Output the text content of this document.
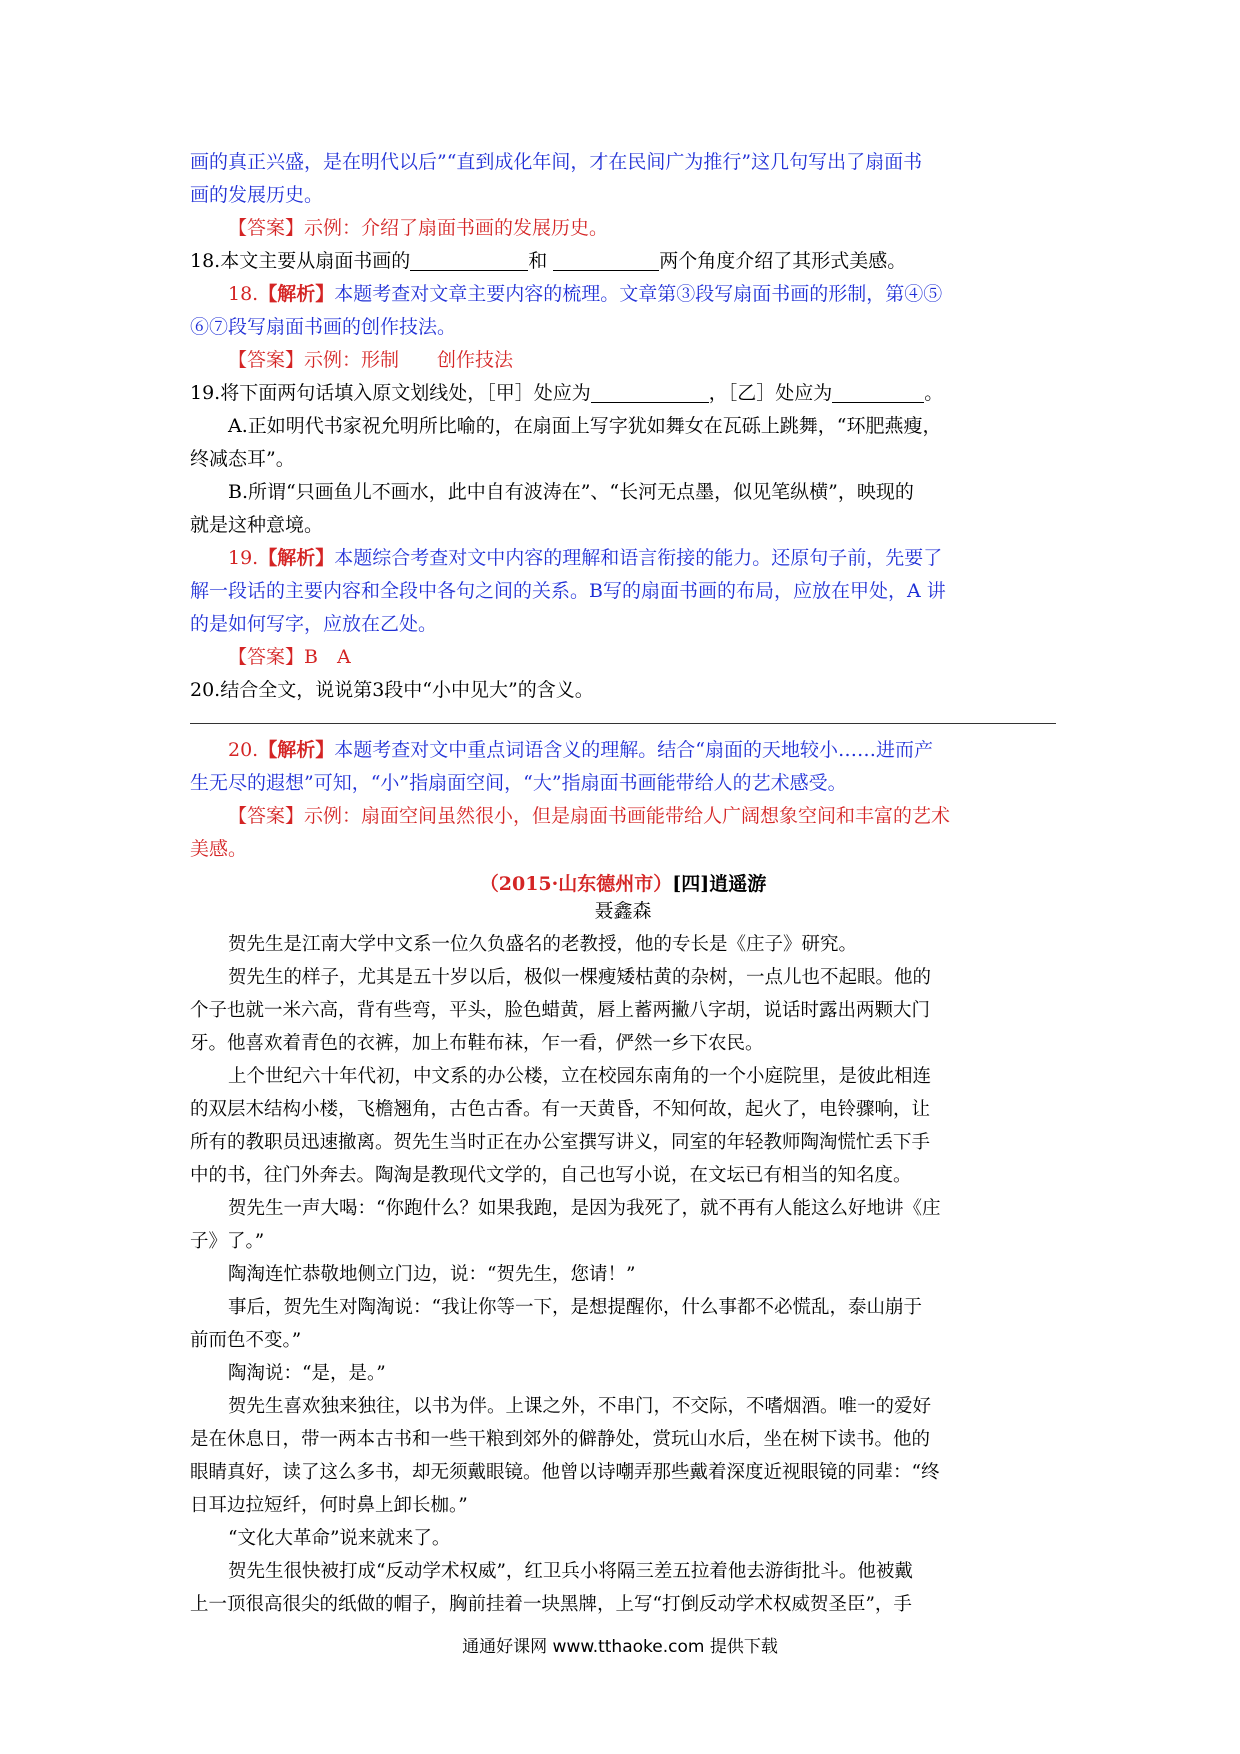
画的真正兴盛，是在明代以后”“直到成化年间，才在民间广为推行”这几句写出了扇面书

画的发展历史。

【答案】示例：介绍了扇面书画的发展历史。

18.本文主要从扇面书画的	和	两个角度介绍了其形式美感。

18.【解析】本题考查对文章主要内容的梳理。文章第③段写扇面书画的形制，第④⑤

⑥⑦段写扇面书画的创作技法。

【答案】示例：形制　　创作技法

19.将下面两句话填入原文划线处，［甲］处应为	，［乙］处应为	。

A.正如明代书家祝允明所比喻的，在扇面上写字犹如舞女在瓦砾上跳舞，“环肥燕瘦，

终减态耳”。

B.所谓“只画鱼儿不画水，此中自有波涛在”、“长河无点墨，似见笔纵横”，映现的

就是这种意境。

19.【解析】本题综合考查对文中内容的理解和语言衔接的能力。还原句子前，先要了

解一段话的主要内容和全段中各句之间的关系。B写的扇面书画的布局，应放在甲处，A 讲

的是如何写字，应放在乙处。

【答案】B　A

20.结合全文，说说第3段中“小中见大”的含义。

20.【解析】本题考查对文中重点词语含义的理解。结合“扇面的天地较小……进而产

生无尽的遐想”可知，“小”指扇面空间，“大”指扇面书画能带给人的艺术感受。

【答案】示例：扇面空间虽然很小，但是扇面书画能带给人广阔想象空间和丰富的艺术

美感。

（2015·山东德州市）[四]逍遥游
聂鑫森

贺先生是江南大学中文系一位久负盛名的老教授，他的专长是《庄子》研究。

贺先生的样子，尤其是五十岁以后，极似一棵瘦矮枯黄的杂树，一点儿也不起眼。他的

个子也就一米六高，背有些弯，平头，脸色蜡黄，唇上蓄两撇八字胡，说话时露出两颗大门

牙。他喜欢着青色的衣裤，加上布鞋布袜，乍一看，俨然一乡下农民。

上个世纪六十年代初，中文系的办公楼，立在校园东南角的一个小庭院里，是彼此相连

的双层木结构小楼，飞檐翘角，古色古香。有一天黄昏，不知何故，起火了，电铃骤响，让

所有的教职员迅速撤离。贺先生当时正在办公室撰写讲义，同室的年轻教师陶淘慌忙丢下手

中的书，往门外奔去。陶淘是教现代文学的，自己也写小说，在文坛已有相当的知名度。

贺先生一声大喝：“你跑什么？如果我跑，是因为我死了，就不再有人能这么好地讲《庄

子》了。”

陶淘连忙恭敬地侧立门边，说：“贺先生，您请！”

事后，贺先生对陶淘说：“我让你等一下，是想提醒你，什么事都不必慌乱，泰山崩于

前而色不变。”

陶淘说：“是，是。”

贺先生喜欢独来独往，以书为伴。上课之外，不串门，不交际，不嗜烟酒。唯一的爱好

是在休息日，带一两本古书和一些干粮到郊外的僻静处，赏玩山水后，坐在树下读书。他的

眼睛真好，读了这么多书，却无须戴眼镜。他曾以诗嘲弄那些戴着深度近视眼镜的同辈：“终

日耳边拉短纤，何时鼻上卸长枷。”

“文化大革命”说来就来了。

贺先生很快被打成“反动学术权威”，红卫兵小将隔三差五拉着他去游街批斗。他被戴

上一顶很高很尖的纸做的帽子，胸前挂着一块黑牌，上写“打倒反动学术权威贺圣臣”，手

通通好课网 www.tthaoke.com 提供下载
